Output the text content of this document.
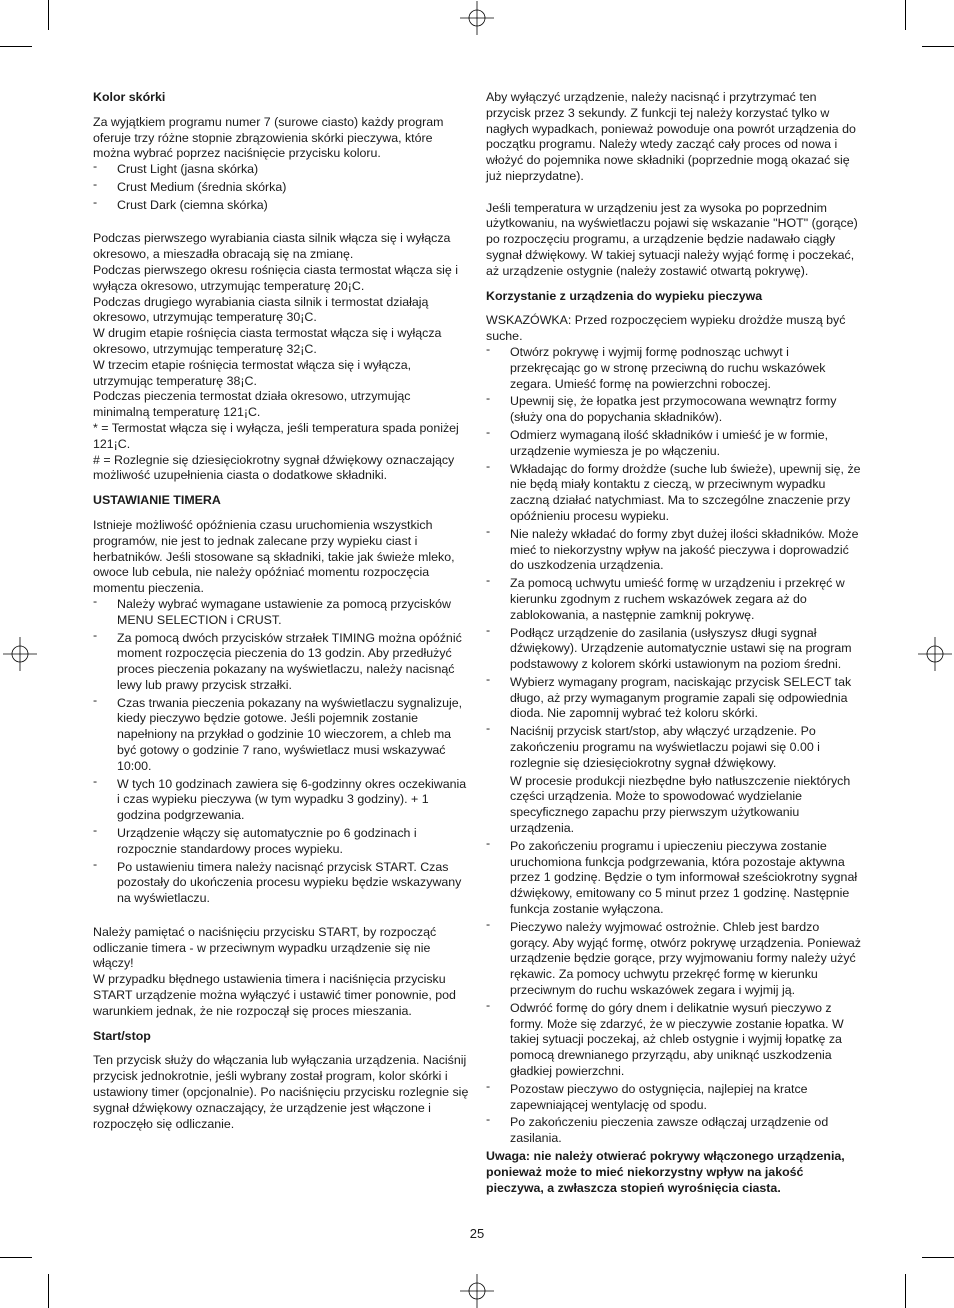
Kolor skórki

Za wyjątkiem programu numer 7 (surowe ciasto) każdy program oferuje trzy różne stopnie zbrązowienia skórki pieczywa, które można wybrać poprzez naciśnięcie przycisku koloru.

- Crust Light (jasna skórka)
- Crust Medium (średnia skórka)
- Crust Dark (ciemna skórka)

Podczas pierwszego wyrabiania ciasta silnik włącza się i wyłącza okresowo, a mieszadła obracają się na zmianę.

Podczas pierwszego okresu rośnięcia ciasta termostat włącza się i wyłącza okresowo, utrzymując temperaturę 20¡C.

Podczas drugiego wyrabiania ciasta silnik i termostat działają okresowo, utrzymując temperaturę 30¡C.

W drugim etapie rośnięcia ciasta termostat włącza się i wyłącza okresowo, utrzymując temperaturę 32¡C.

W trzecim etapie rośnięcia termostat włącza się i wyłącza, utrzymując temperaturę 38¡C.

Podczas pieczenia termostat działa okresowo, utrzymując minimalną temperaturę 121¡C.

* = Termostat włącza się i wyłącza, jeśli temperatura spada poniżej 121¡C.

# = Rozlegnie się dziesięciokrotny sygnał dźwiękowy oznaczający możliwość uzupełnienia ciasta o dodatkowe składniki.

USTAWIANIE TIMERA

Istnieje możliwość opóźnienia czasu uruchomienia wszystkich programów, nie jest to jednak zalecane przy wypieku ciast i herbatników. Jeśli stosowane są składniki, takie jak świeże mleko, owoce lub cebula, nie należy opóźniać momentu rozpoczęcia momentu pieczenia.

- Należy wybrać wymagane ustawienie za pomocą przycisków MENU SELECTION i CRUST.
- Za pomocą dwóch przycisków strzałek TIMING można opóźnić moment rozpoczęcia pieczenia do 13 godzin. Aby przedłużyć proces pieczenia pokazany na wyświetlaczu, należy nacisnąć lewy lub prawy przycisk strzałki.
- Czas trwania pieczenia pokazany na wyświetlaczu sygnalizuje, kiedy pieczywo będzie gotowe. Jeśli pojemnik zostanie napełniony na przykład o godzinie 10 wieczorem, a chleb ma być gotowy o godzinie 7 rano, wyświetlacz musi wskazywać 10:00.
- W tych 10 godzinach zawiera się 6-godzinny okres oczekiwania i czas wypieku pieczywa (w tym wypadku 3 godziny). + 1 godzina podgrzewania.
- Urządzenie włączy się automatycznie po 6 godzinach i rozpocznie standardowy proces wypieku.
- Po ustawieniu timera należy nacisnąć przycisk START. Czas pozostały do ukończenia procesu wypieku będzie wskazywany na wyświetlaczu.

Należy pamiętać o naciśnięciu przycisku START, by rozpocząć odliczanie timera - w przeciwnym wypadku urządzenie się nie włączy!

W przypadku błędnego ustawienia timera i naciśnięcia przycisku START urządzenie można wyłączyć i ustawić timer ponownie, pod warunkiem jednak, że nie rozpoczął się proces mieszania.

Start/stop

Ten przycisk służy do włączania lub wyłączania urządzenia. Naciśnij przycisk jednokrotnie, jeśli wybrany został program, kolor skórki i ustawiony timer (opcjonalnie). Po naciśnięciu przycisku rozlegnie się sygnał dźwiękowy oznaczający, że urządzenie jest włączone i rozpoczęło się odliczanie.

Aby wyłączyć urządzenie, należy nacisnąć i przytrzymać ten przycisk przez 3 sekundy. Z funkcji tej należy korzystać tylko w nagłych wypadkach, ponieważ powoduje ona powrót urządzenia do początku programu. Należy wtedy zacząć cały proces od nowa i włożyć do pojemnika nowe składniki (poprzednie mogą okazać się już nieprzydatne).

Jeśli temperatura w urządzeniu jest za wysoka po poprzednim użytkowaniu, na wyświetlaczu pojawi się wskazanie "HOT" (gorące) po rozpoczęciu programu, a urządzenie będzie nadawało ciągły sygnał dźwiękowy. W takiej sytuacji należy wyjąć formę i poczekać, aż urządzenie ostygnie (należy zostawić otwartą pokrywę).

Korzystanie z urządzenia do wypieku pieczywa

WSKAZÓWKA: Przed rozpoczęciem wypieku drożdże muszą być suche.

- Otwórz pokrywę i wyjmij formę podnosząc uchwyt i przekręcając go w stronę przeciwną do ruchu wskazówek zegara. Umieść formę na powierzchni roboczej.
- Upewnij się, że łopatka jest przymocowana wewnątrz formy (służy ona do popychania składników).
- Odmierz wymaganą ilość składników i umieść je w formie, urządzenie wymiesza je po włączeniu.
- Wkładając do formy drożdże (suche lub świeże), upewnij się, że nie będą miały kontaktu z cieczą, w przeciwnym wypadku zaczną działać natychmiast. Ma to szczególne znaczenie przy opóźnieniu procesu wypieku.
- Nie należy wkładać do formy zbyt dużej ilości składników. Może mieć to niekorzystny wpływ na jakość pieczywa i doprowadzić do uszkodzenia urządzenia.
- Za pomocą uchwytu umieść formę w urządzeniu i przekręć w kierunku zgodnym z ruchem wskazówek zegara aż do zablokowania, a następnie zamknij pokrywę.
- Podłącz urządzenie do zasilania (usłyszysz długi sygnał dźwiękowy). Urządzenie automatycznie ustawi się na program podstawowy z kolorem skórki ustawionym na poziom średni.
- Wybierz wymagany program, naciskając przycisk SELECT tak długo, aż przy wymaganym programie zapali się odpowiednia dioda. Nie zapomnij wybrać też koloru skórki.
- Naciśnij przycisk start/stop, aby włączyć urządzenie. Po zakończeniu programu na wyświetlaczu pojawi się 0.00 i rozlegnie się dziesięciokrotny sygnał dźwiękowy.
W procesie produkcji niezbędne było natłuszczenie niektórych części urządzenia. Może to spowodować wydzielanie specyficznego zapachu przy pierwszym użytkowaniu urządzenia.
- Po zakończeniu programu i upieczeniu pieczywa zostanie uruchomiona funkcja podgrzewania, która pozostaje aktywna przez 1 godzinę. Będzie o tym informował sześciokrotny sygnał dźwiękowy, emitowany co 5 minut przez 1 godzinę. Następnie funkcja zostanie wyłączona.
- Pieczywo należy wyjmować ostrożnie. Chleb jest bardzo gorący. Aby wyjąć formę, otwórz pokrywę urządzenia. Ponieważ urządzenie będzie gorące, przy wyjmowaniu formy należy użyć rękawic. Za pomocy uchwytu przekręć formę w kierunku przeciwnym do ruchu wskazówek zegara i wyjmij ją.
- Odwróć formę do góry dnem i delikatnie wysuń pieczywo z formy. Może się zdarzyć, że w pieczywie zostanie łopatka. W takiej sytuacji poczekaj, aż chleb ostygnie i wyjmij łopatkę za pomocą drewnianego przyrządu, aby uniknąć uszkodzenia gładkiej powierzchni.
- Pozostaw pieczywo do ostygnięcia, najlepiej na kratce zapewniającej wentylację od spodu.
- Po zakończeniu pieczenia zawsze odłączaj urządzenie od zasilania.

Uwaga: nie należy otwierać pokrywy włączonego urządzenia, ponieważ może to mieć niekorzystny wpływ na jakość pieczywa, a zwłaszcza stopień wyrośnięcia ciasta.

25
